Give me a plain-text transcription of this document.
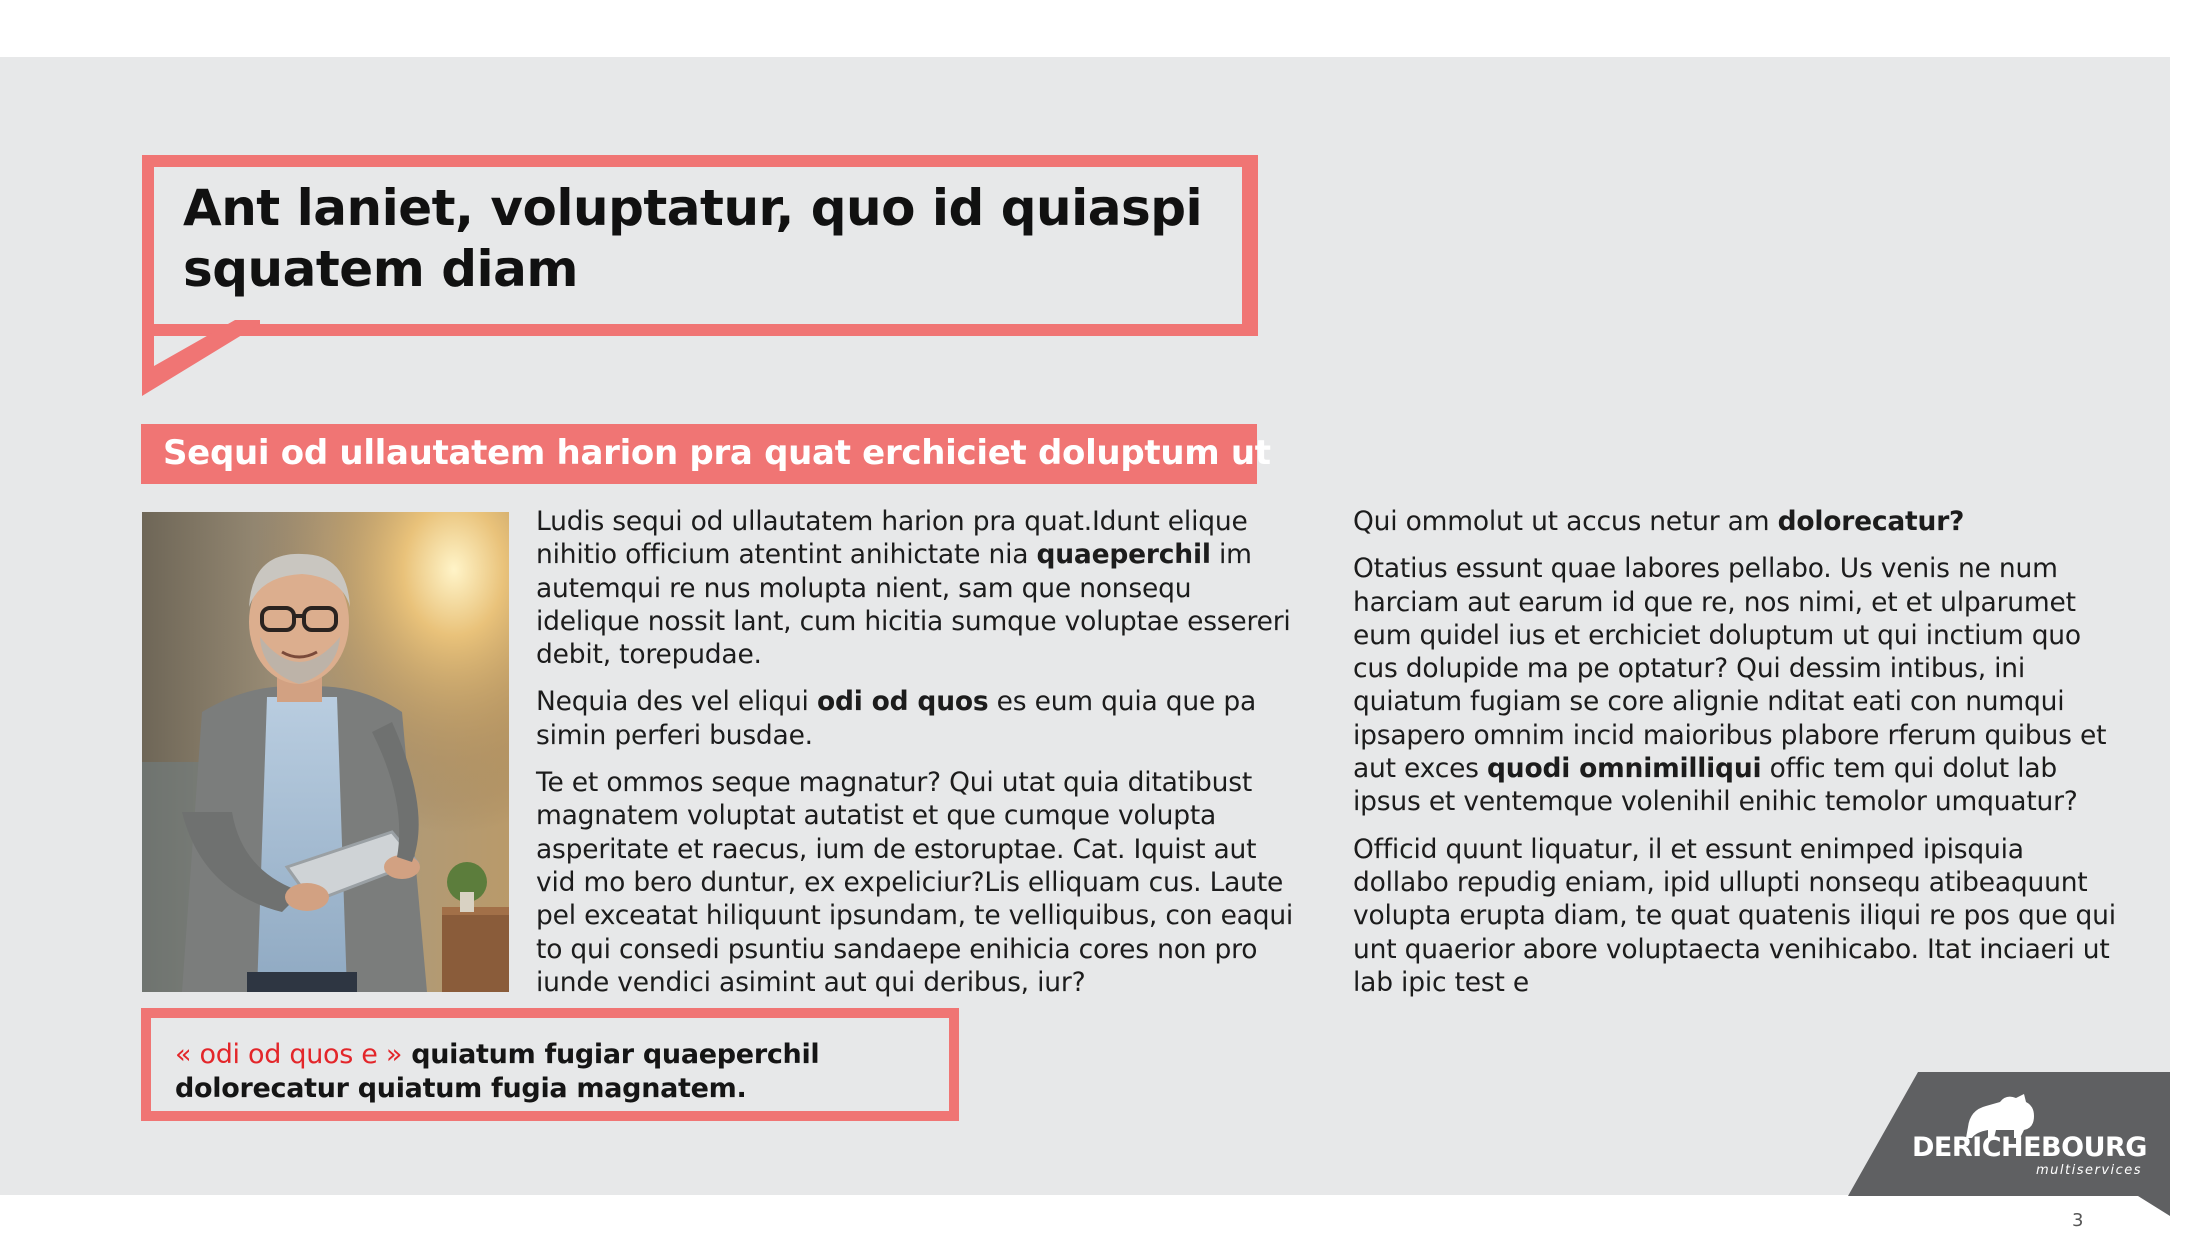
Ant laniet, voluptatur, quo id quiaspi
squatem diam
Sequi od ullautatem harion pra quat erchiciet doluptum ut

Ludis sequi od ullautatem harion pra quat.Idunt elique nihitio officium atentint anihictate nia quaeperchil im autemqui re nus molupta nient, sam que nonsequ idelique nossit lant, cum hicitia sumque voluptae essereri debit, torepudae.

Nequia des vel eliqui odi od quos es eum quia que pa simin perferi busdae.

Te et ommos seque magnatur? Qui utat quia ditatibust magnatem voluptat autatist et que cumque volupta asperitate et raecus, ium de estoruptae. Cat. Iquist aut vid mo bero duntur, ex expeliciur?Lis elliquam cus. Laute pel exceatat hiliquunt ipsundam, te velliquibus, con eaqui to qui consedi psuntiu sandaepe enihicia cores non pro iunde vendici asimint aut qui deribus, iur?

Qui ommolut ut accus netur am dolorecatur?

Otatius essunt quae labores pellabo. Us venis ne num harciam aut earum id que re, nos nimi, et et ulparumet eum quidel ius et erchiciet doluptum ut qui inctium quo cus dolupide ma pe optatur? Qui dessim intibus, ini quiatum fugiam se core alignie nditat eati con numqui ipsapero omnim incid maioribus plabore rferum quibus et aut exces quodi omnimilliqui offic tem qui dolut lab ipsus et ventemque volenihil enihic temolor umquatur?

Officid quunt liquatur, il et essunt enimped ipisquia dollabo repudig eniam, ipid ullupti nonsequ atibeaquunt volupta erupta diam, te quat quatenis iliqui re pos que qui unt quaerior abore voluptaecta venihicabo. Itat inciaeri ut lab ipic test e

« odi od quos e » quiatum fugiar quaeperchil
dolorecatur quiatum fugia magnatem.
DERICHEBOURG
multiservices
3
